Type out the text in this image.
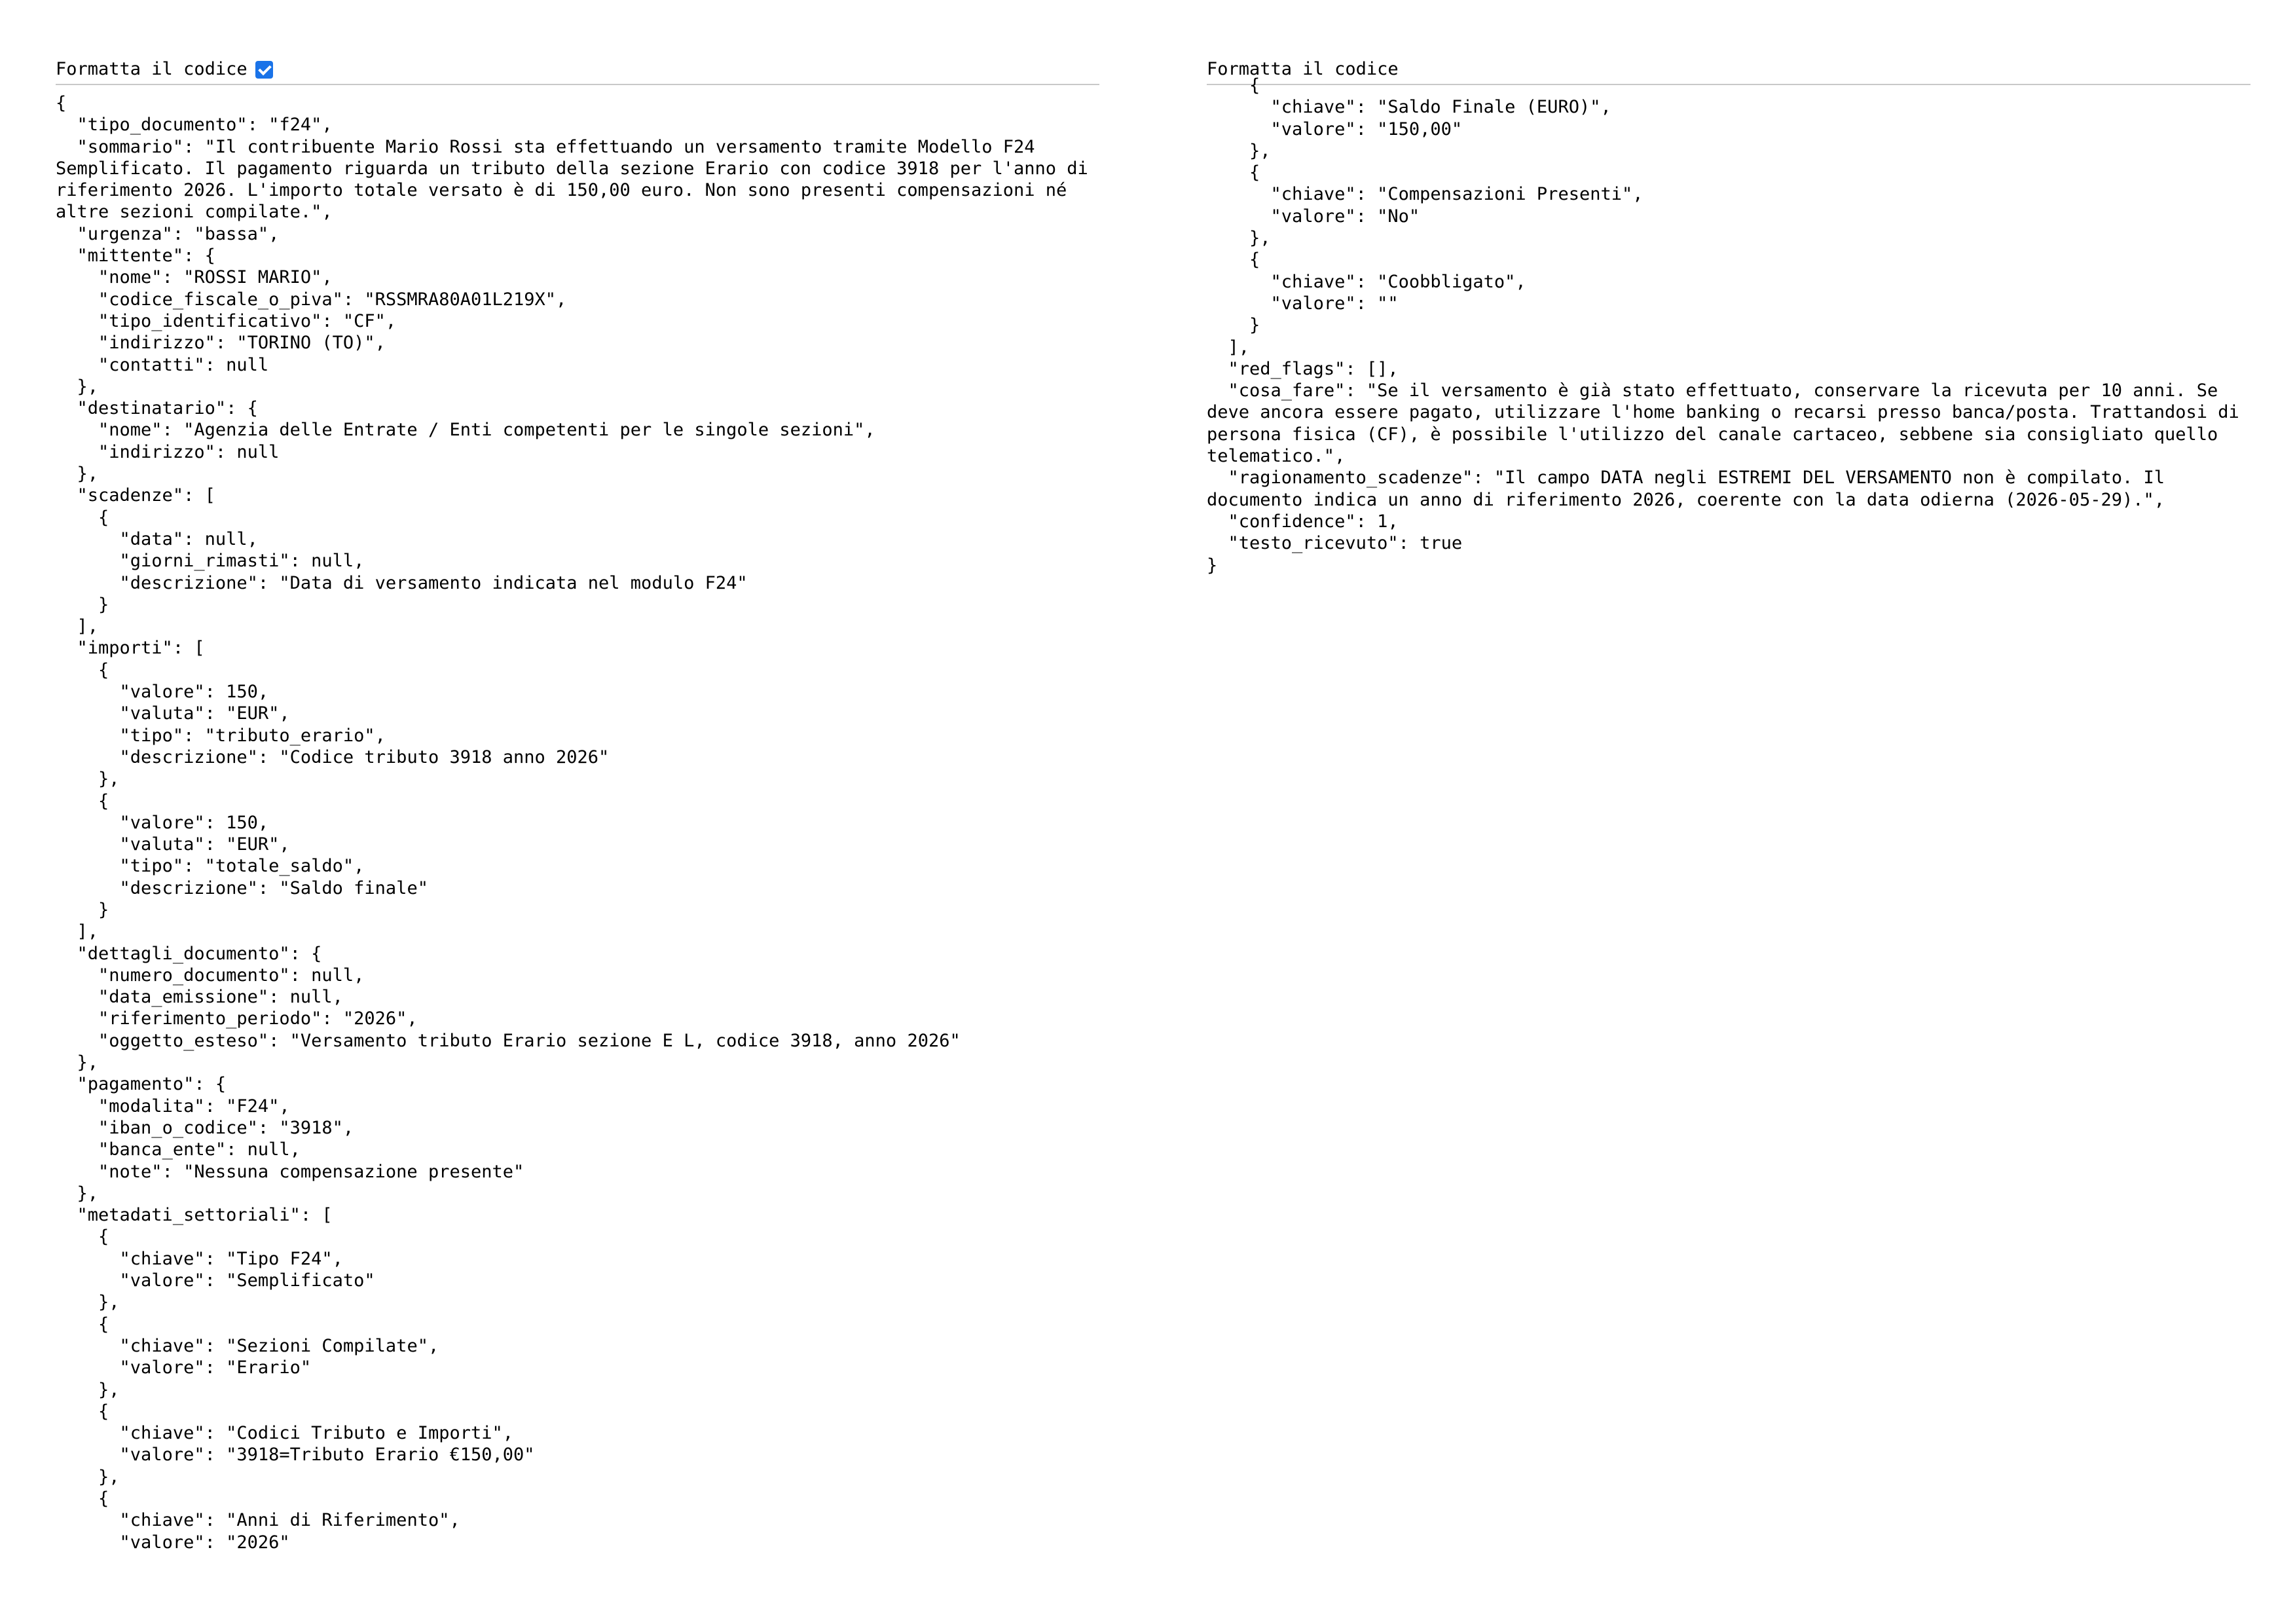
Formatta il codice
{
"tipo_documento": "f24",
"sommario": "Il contribuente Mario Rossi sta effettuando un versamento tramite Modello F24 Semplificato. Il pagamento riguarda un tributo della sezione Erario con codice 3918 per l'anno di riferimento 2026. L'importo totale versato è di 150,00 euro. Non sono presenti compensazioni né altre sezioni compilate.",
"urgenza": "bassa",
"mittente": {
"nome": "ROSSI MARIO",
"codice_fiscale_o_piva": "RSSMRA80A01L219X",
"tipo_identificativo": "CF",
"indirizzo": "TORINO (TO)",
"contatti": null
},
"destinatario": {
"nome": "Agenzia delle Entrate / Enti competenti per le singole sezioni",
"indirizzo": null
},
"scadenze": [
{
"data": null,
"giorni_rimasti": null,
"descrizione": "Data di versamento indicata nel modulo F24"
}
],
"importi": [
{
"valore": 150,
"valuta": "EUR",
"tipo": "tributo_erario",
"descrizione": "Codice tributo 3918 anno 2026"
},
{
"valore": 150,
"valuta": "EUR",
"tipo": "totale_saldo",
"descrizione": "Saldo finale"
}
],
"dettagli_documento": {
"numero_documento": null,
"data_emissione": null,
"riferimento_periodo": "2026",
"oggetto_esteso": "Versamento tributo Erario sezione E L, codice 3918, anno 2026"
},
"pagamento": {
"modalita": "F24",
"iban_o_codice": "3918",
"banca_ente": null,
"note": "Nessuna compensazione presente"
},
"metadati_settoriali": [
{
"chiave": "Tipo F24",
"valore": "Semplificato"
},
{
"chiave": "Sezioni Compilate",
"valore": "Erario"
},
{
"chiave": "Codici Tributo e Importi",
"valore": "3918=Tributo Erario €150,00"
},
{
"chiave": "Anni di Riferimento",
"valore": "2026"
Formatta il codice
{
"chiave": "Saldo Finale (EURO)",
"valore": "150,00"
},
{
"chiave": "Compensazioni Presenti",
"valore": "No"
},
{
"chiave": "Coobbligato",
"valore": ""
}
],
"red_flags": [],
"cosa_fare": "Se il versamento è già stato effettuato, conservare la ricevuta per 10 anni. Se deve ancora essere pagato, utilizzare l'home banking o recarsi presso banca/posta. Trattandosi di persona fisica (CF), è possibile l'utilizzo del canale cartaceo, sebbene sia consigliato quello telematico.",
"ragionamento_scadenze": "Il campo DATA negli ESTREMI DEL VERSAMENTO non è compilato. Il documento indica un anno di riferimento 2026, coerente con la data odierna (2026-05-29).",
"confidence": 1,
"testo_ricevuto": true
}
